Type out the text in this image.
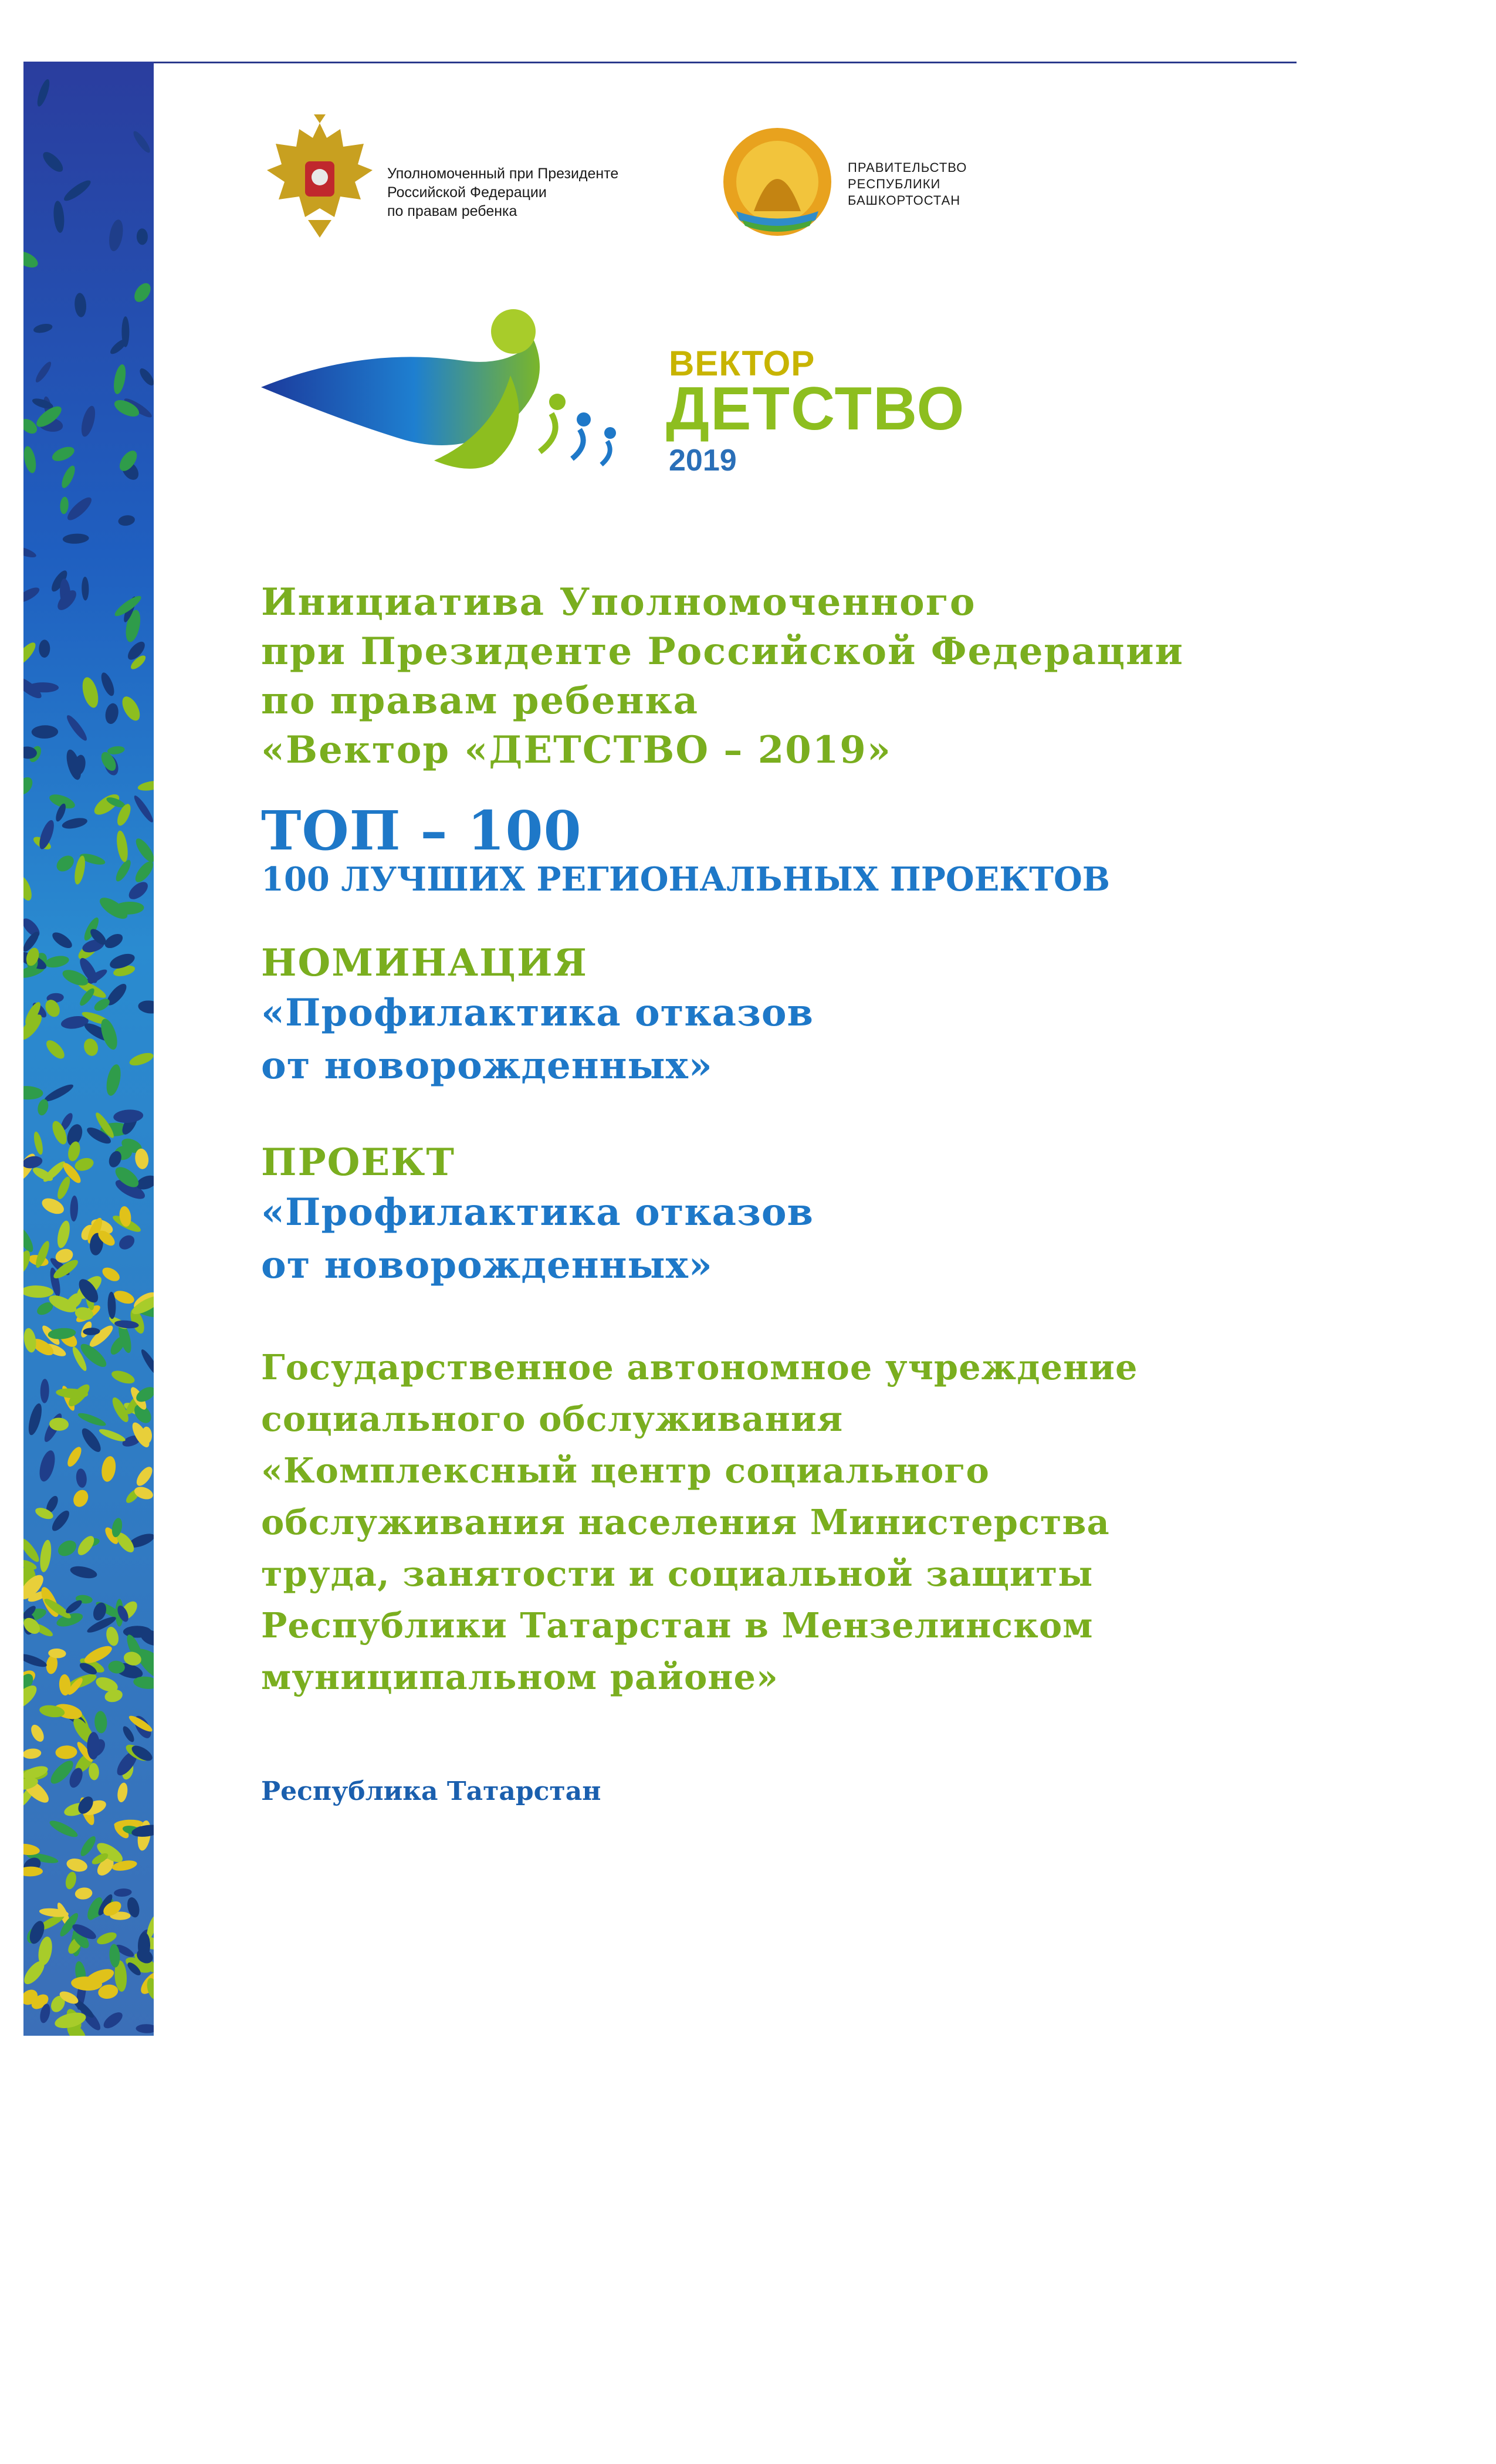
Уполномоченный при Президенте
Российской Федерации
по правам ребенка
ПРАВИТЕЛЬСТВО
РЕСПУБЛИКИ
БАШКОРТОСТАН
ВЕКТОР
ДЕТСТВО
2019

Инициатива Уполномоченного

при Президенте Российской Федерации

по правам ребенка

«Вектор «ДЕТСТВО – 2019»

ТОП – 100

100 ЛУЧШИХ РЕГИОНАЛЬНЫХ ПРОЕКТОВ

НОМИНАЦИЯ

«Профилактика отказов

от новорожденных»

ПРОЕКТ

«Профилактика отказов

от новорожденных»

Государственное автономное учреждение

социального обслуживания

«Комплексный центр социального

обслуживания населения Министерства

труда, занятости и социальной защиты

Республики Татарстан в Мензелинском

муниципальном районе»

Республика Татарстан
